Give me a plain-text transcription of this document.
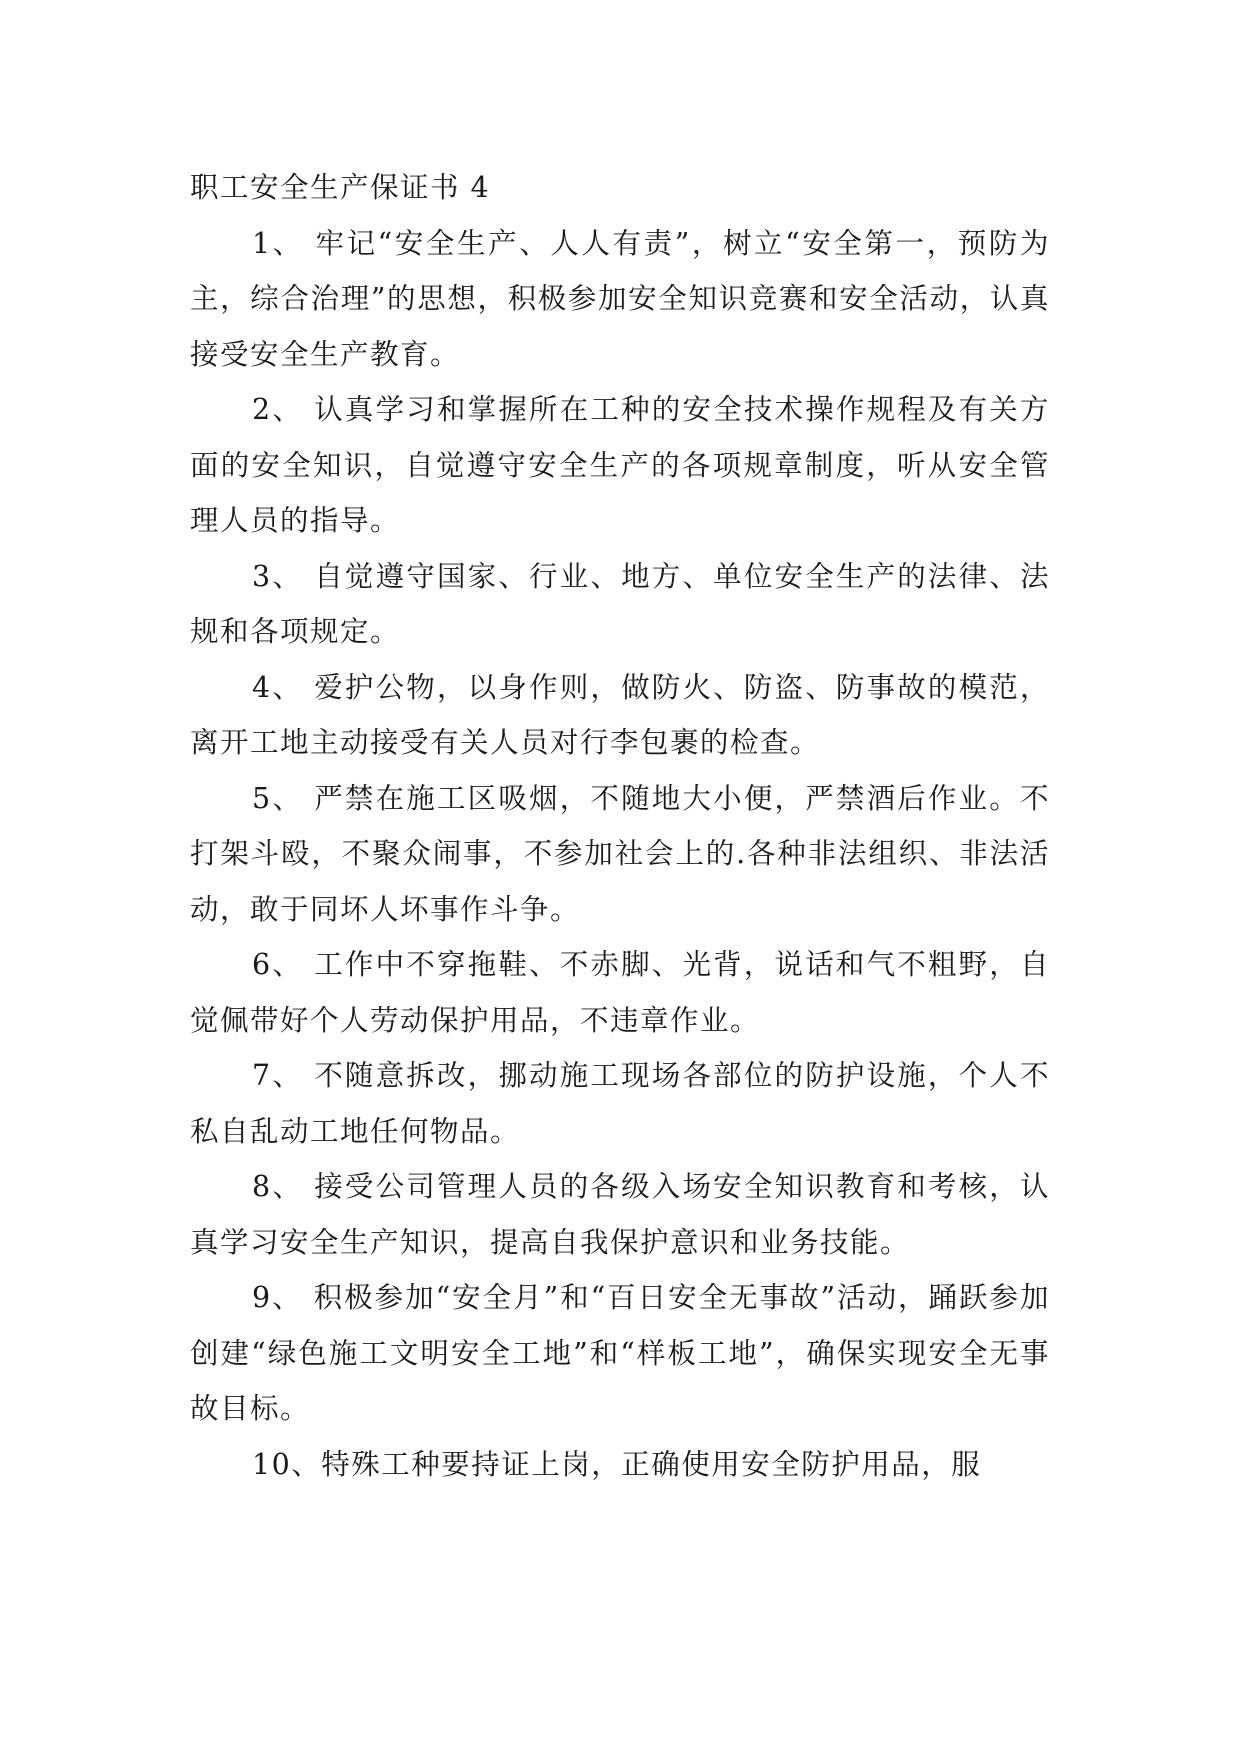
职工安全生产保证书 4

1、 牢记“安全生产、人人有责”，树立“安全第一，预防为主，综合治理”的思想，积极参加安全知识竞赛和安全活动，认真接受安全生产教育。

2、 认真学习和掌握所在工种的安全技术操作规程及有关方面的安全知识，自觉遵守安全生产的各项规章制度，听从安全管理人员的指导。

3、 自觉遵守国家、行业、地方、单位安全生产的法律、法规和各项规定。

4、 爱护公物，以身作则，做防火、防盗、防事故的模范，离开工地主动接受有关人员对行李包裹的检查。

5、 严禁在施工区吸烟，不随地大小便，严禁酒后作业。不打架斗殴，不聚众闹事，不参加社会上的.各种非法组织、非法活动，敢于同坏人坏事作斗争。

6、 工作中不穿拖鞋、不赤脚、光背，说话和气不粗野，自觉佩带好个人劳动保护用品，不违章作业。

7、 不随意拆改，挪动施工现场各部位的防护设施，个人不私自乱动工地任何物品。

8、 接受公司管理人员的各级入场安全知识教育和考核，认真学习安全生产知识，提高自我保护意识和业务技能。

9、 积极参加“安全月”和“百日安全无事故”活动，踊跃参加创建“绿色施工文明安全工地”和“样板工地”，确保实现安全无事故目标。

10、特殊工种要持证上岗，正确使用安全防护用品，服
